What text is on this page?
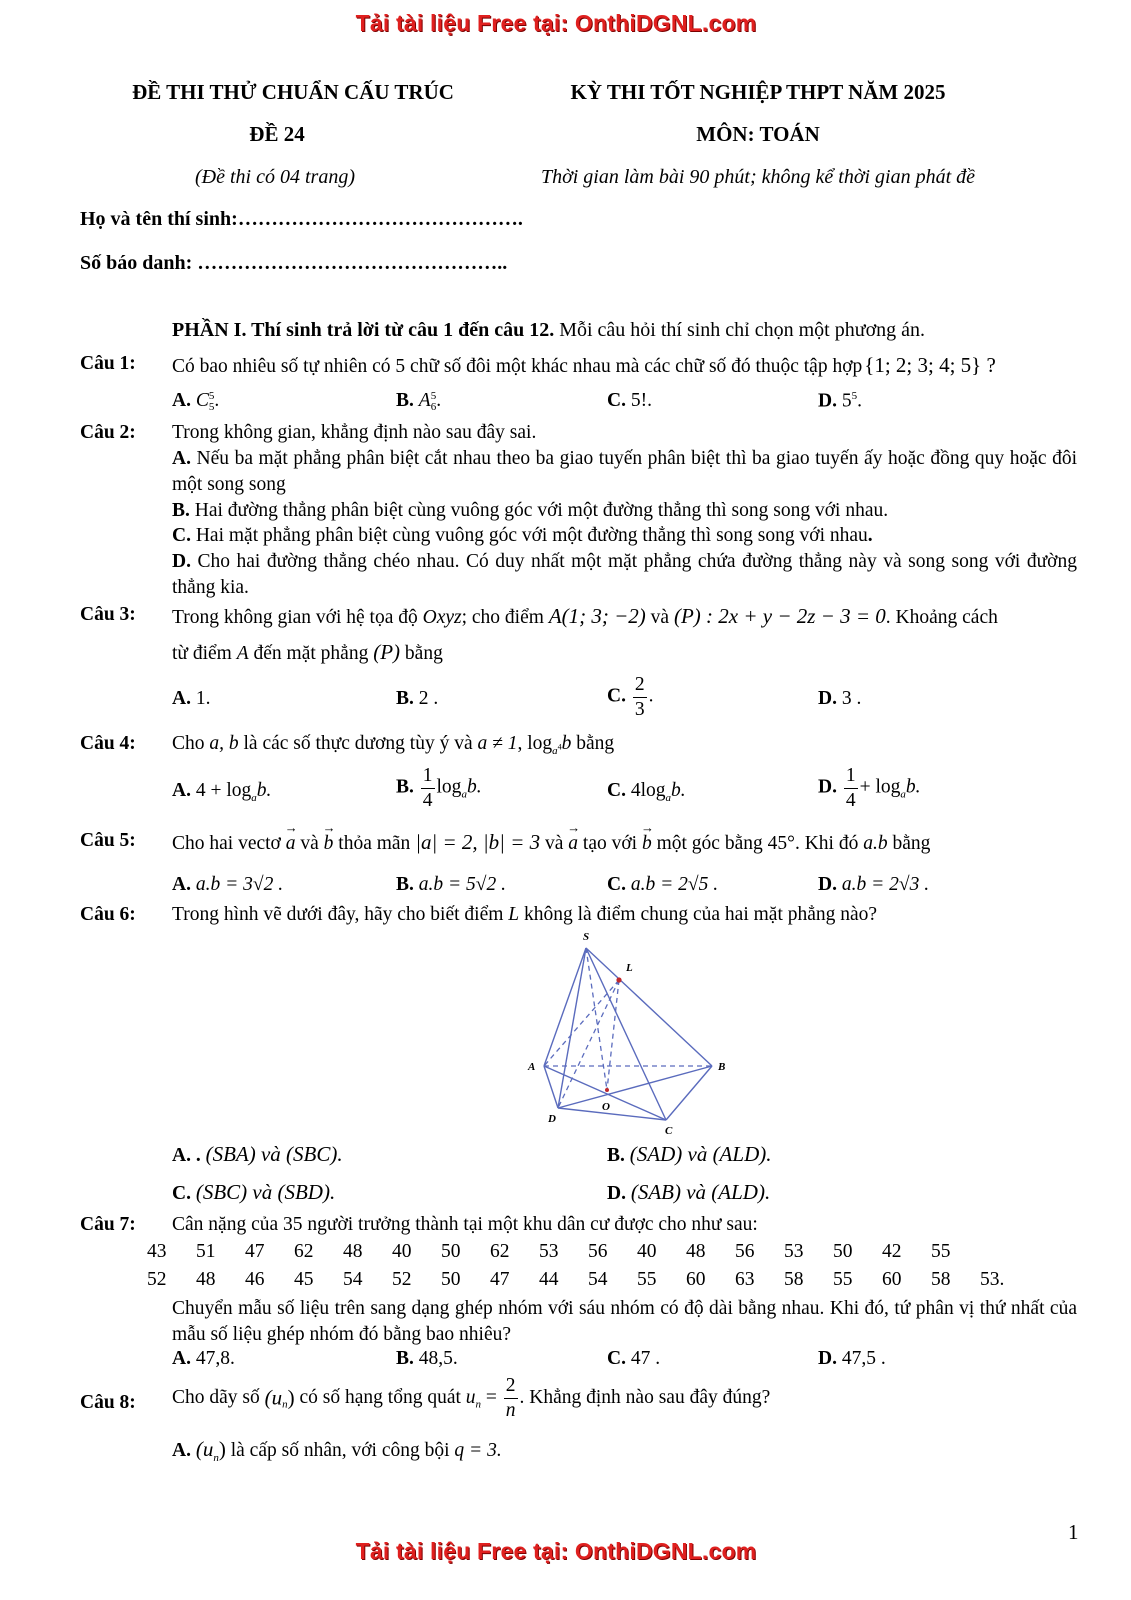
Tải tài liệu Free tại: OnthiDGNL.com
ĐỀ THI THỬ CHUẨN CẤU TRÚC	KỲ THI TỐT NGHIỆP THPT NĂM 2025
ĐỀ 24	MÔN: TOÁN
(Đề thi có 04 trang)	Thời gian làm bài 90 phút; không kể thời gian phát đề
Họ và tên thí sinh:…………………………………….
Số báo danh: ………………………………………..
PHẦN I. Thí sinh trả lời từ câu 1 đến câu 12. Mỗi câu hỏi thí sinh chỉ chọn một phương án.
Câu 1: Có bao nhiêu số tự nhiên có 5 chữ số đôi một khác nhau mà các chữ số đó thuộc tập hợp{1; 2; 3; 4; 5} ?
A. C 5
5 .	B. A 5
6 .	C. 5!.	D. $5^5$.
Câu 2: Trong không gian, khẳng định nào sau đây sai.
A. Nếu ba mặt phẳng phân biệt cắt nhau theo ba giao tuyến phân biệt thì ba giao tuyến ấy hoặc đồng quy hoặc đôi một song song
B. Hai đường thẳng phân biệt cùng vuông góc với một đường thẳng thì song song với nhau.
C. Hai mặt phẳng phân biệt cùng vuông góc với một đường thẳng thì song song với nhau.
D. Cho hai đường thẳng chéo nhau. Có duy nhất một mặt phẳng chứa đường thẳng này và song song với đường thẳng kia.
Câu 3: Trong không gian với hệ tọa độ Oxyz; cho điểm A(1; 3; −2) và (P) : 2x + y − 2z − 3 = 0. Khoảng cách
từ điểm A đến mặt phẳng (P) bằng
A. 1.	B. 2 .	C. $\frac{2}{3}$ .	D. 3 .
Câu 4: Cho a, b là các số thực dương tùy ý và a ≠ 1, $\log_{a^4}b$ bằng
A. $4 + \log_ab$.	B. $\frac{1}{4} \log_ab$.	C. $4\log_ab$.	D. $\frac{1}{4} + \log_ab$.
Câu 5: Cho hai vectơ → a và → b thỏa mãn |a| = 2, |b| = 3 và → a tạo với → b một góc bằng 45°. Khi đó a.b bằng
A. a.b = 3√2 .	B. a.b = 5√2 .	C. a.b = 2√5 .	D. a.b = 2√3 .
Câu 6: Trong hình vẽ dưới đây, hãy cho biết điểm L không là điểm chung của hai mặt phẳng nào?
S
L
A	B
D
O
C
A. . (SBA) và (SBC).	B. (SAD) và (ALD).
C. (SBC) và (SBD).	D. (SAB) và (ALD).
Câu 7: Cân nặng của 35 người trưởng thành tại một khu dân cư được cho như sau:
43 51 47 62 48 40 50 62 53 56 40 48 56 53 50 42 55
52 48 46 45 54 52 50 47 44 54 55 60 63 58 55 60 58 53.
Chuyển mẫu số liệu trên sang dạng ghép nhóm với sáu nhóm có độ dài bằng nhau. Khi đó, tứ phân vị thứ nhất của mẫu số liệu ghép nhóm đó bằng bao nhiêu?
A. 47,8.	B. 48,5.	C. 47 .	D. 47,5 .
Câu 8: Cho dãy số $(u_n)$ có số hạng tổng quát $u_n = \frac{2}{n}$ . Khẳng định nào sau đây đúng?
A. $(u_n)$ là cấp số nhân, với công bội q = 3.
1
Tải tài liệu Free tại: OnthiDGNL.com
